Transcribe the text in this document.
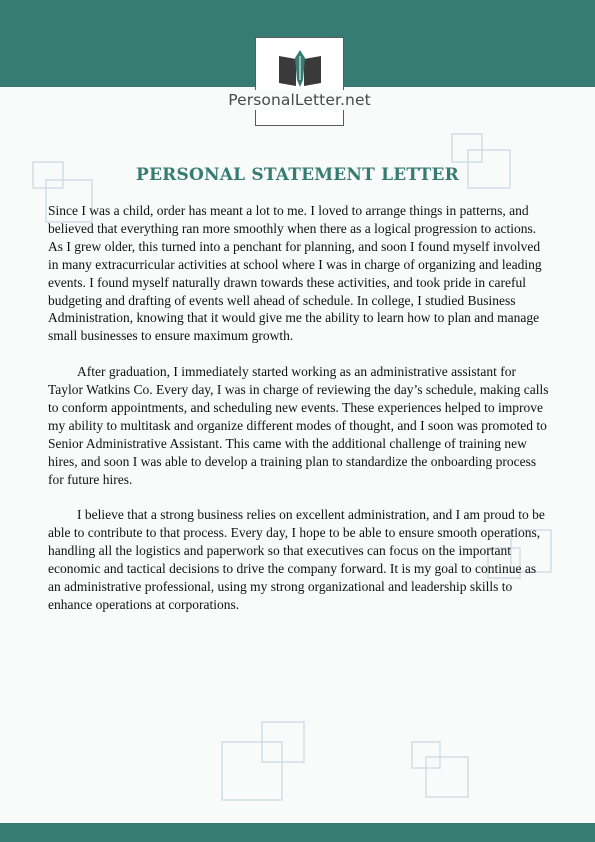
PersonalLetter.net
PERSONAL STATEMENT LETTER

Since I was a child, order has meant a lot to me. I loved to arrange things in patterns, and believed that everything ran more smoothly when there as a logical progression to actions. As I grew older, this turned into a penchant for planning, and soon I found myself involved in many extracurricular activities at school where I was in charge of organizing and leading events. I found myself naturally drawn towards these activities, and took pride in careful budgeting and drafting of events well ahead of schedule. In college, I studied Business Administration, knowing that it would give me the ability to learn how to plan and manage small businesses to ensure maximum growth.

After graduation, I immediately started working as an administrative assistant for Taylor Watkins Co. Every day, I was in charge of reviewing the day’s schedule, making calls to conform appointments, and scheduling new events. These experiences helped to improve my ability to multitask and organize different modes of thought, and I soon was promoted to Senior Administrative Assistant. This came with the additional challenge of training new hires, and soon I was able to develop a training plan to standardize the onboarding process for future hires.

I believe that a strong business relies on excellent administration, and I am proud to be able to contribute to that process. Every day, I hope to be able to ensure smooth operations, handling all the logistics and paperwork so that executives can focus on the important economic and tactical decisions to drive the company forward. It is my goal to continue as an administrative professional, using my strong organizational and leadership skills to enhance operations at corporations.
